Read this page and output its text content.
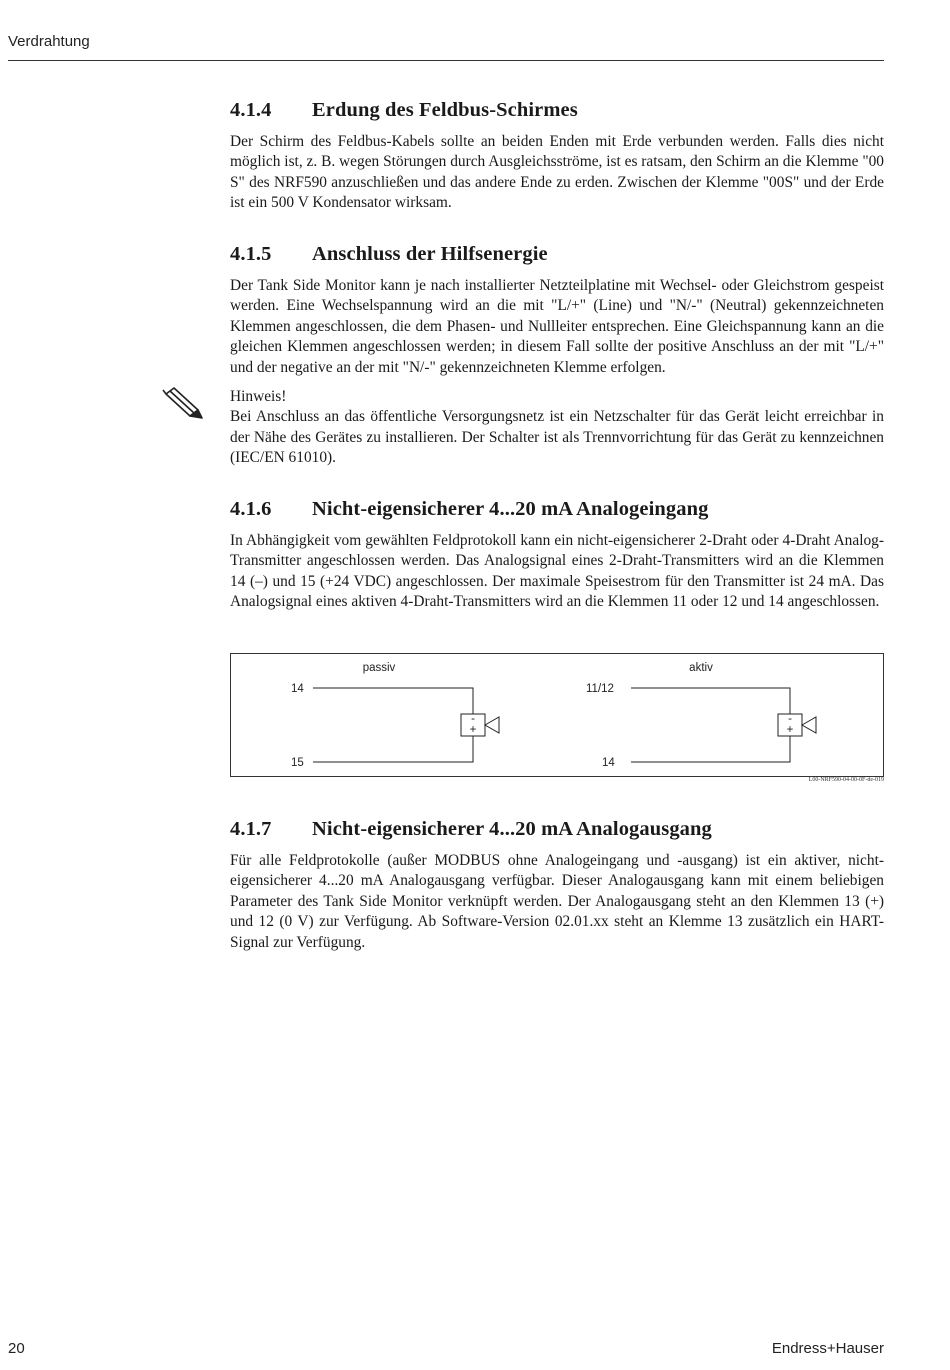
Verdrahtung
4.1.4 Erdung des Feldbus-Schirmes

Der Schirm des Feldbus-Kabels sollte an beiden Enden mit Erde verbunden werden. Falls dies nicht möglich ist, z. B. wegen Störungen durch Ausgleichsströme, ist es ratsam, den Schirm an die Klemme "00 S" des NRF590 anzuschließen und das andere Ende zu erden. Zwischen der Klemme "00S" und der Erde ist ein 500 V Kondensator wirksam.

4.1.5 Anschluss der Hilfsenergie

Der Tank Side Monitor kann je nach installierter Netzteilplatine mit Wechsel- oder Gleichstrom gespeist werden. Eine Wechselspannung wird an die mit "L/+" (Line) und "N/-" (Neutral) gekennzeichneten Klemmen angeschlossen, die dem Phasen- und Nullleiter entsprechen. Eine Gleichspannung kann an die gleichen Klemmen angeschlossen werden; in diesem Fall sollte der positive Anschluss an der mit "L/+" und der negative an der mit "N/-" gekennzeichneten Klemme erfolgen.

Hinweis!

Bei Anschluss an das öffentliche Versorgungsnetz ist ein Netzschalter für das Gerät leicht erreichbar in der Nähe des Gerätes zu installieren. Der Schalter ist als Trennvorrichtung für das Gerät zu kennzeichnen (IEC/EN 61010).

4.1.6 Nicht-eigensicherer 4...20 mA Analogeingang

In Abhängigkeit vom gewählten Feldprotokoll kann ein nicht-eigensicherer 2-Draht oder 4-Draht Analog-Transmitter angeschlossen werden. Das Analogsignal eines 2-Draht-Transmitters wird an die Klemmen 14 (–) und 15 (+24 VDC) angeschlossen. Der maximale Speisestrom für den Transmitter ist 24 mA. Das Analogsignal eines aktiven 4-Draht-Transmitters wird an die Klemmen 11 oder 12 und 14 angeschlossen.

passiv
14
15
-
+
aktiv
11/12
14
-
+
L00-NRF590-04-00-0F-de-019
4.1.7 Nicht-eigensicherer 4...20 mA Analogausgang

Für alle Feldprotokolle (außer MODBUS ohne Analogeingang und -ausgang) ist ein aktiver, nichteigensicherer 4...20 mA Analogausgang verfügbar. Dieser Analogausgang kann mit einem beliebigen Parameter des Tank Side Monitor verknüpft werden. Der Analogausgang steht an den Klemmen 13 (+) und 12 (0 V) zur Verfügung. Ab Software-Version 02.01.xx steht an Klemme 13 zusätzlich ein HART-Signal zur Verfügung.

20	Endress+Hauser
